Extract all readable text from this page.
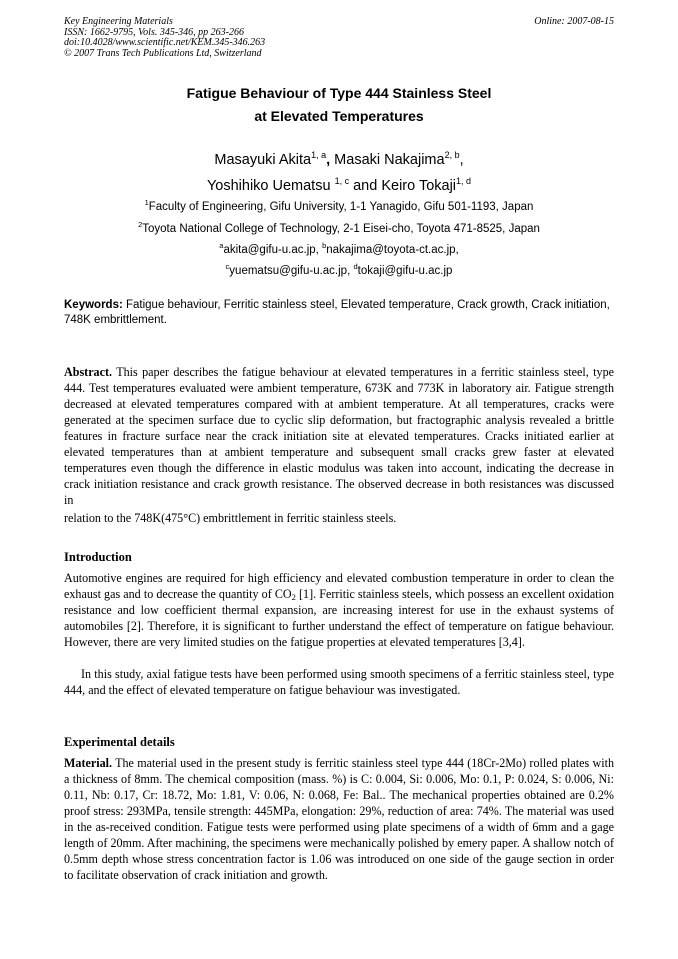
Key Engineering Materials
ISSN: 1662-9795, Vols. 345-346, pp 263-266
doi:10.4028/www.scientific.net/KEM.345-346.263
© 2007 Trans Tech Publications Ltd, Switzerland
Online: 2007-08-15
Fatigue Behaviour of Type 444 Stainless Steel
at Elevated Temperatures
Masayuki Akita$^{1, a}$, Masaki Nakajima$^{2, b}$,
Yoshihiko Uematsu $^{1, c}$ and Keiro Tokaji$^{1, d}$
$^1$Faculty of Engineering, Gifu University, 1-1 Yanagido, Gifu 501-1193, Japan
$^2$Toyota National College of Technology, 2-1 Eisei-cho, Toyota 471-8525, Japan
$^a$akita@gifu-u.ac.jp, $^b$nakajima@toyota-ct.ac.jp,
$^c$yuematsu@gifu-u.ac.jp, $^d$tokaji@gifu-u.ac.jp
Keywords: Fatigue behaviour, Ferritic stainless steel, Elevated temperature, Crack growth, Crack initiation, 748K embrittlement.
Abstract. This paper describes the fatigue behaviour at elevated temperatures in a ferritic stainless steel, type 444. Test temperatures evaluated were ambient temperature, 673K and 773K in laboratory air. Fatigue strength decreased at elevated temperatures compared with at ambient temperature. At all temperatures, cracks were generated at the specimen surface due to cyclic slip deformation, but fractographic analysis revealed a brittle features in fracture surface near the crack initiation site at elevated temperatures. Cracks initiated earlier at elevated temperatures than at ambient temperature and subsequent small cracks grew faster at elevated temperatures even though the difference in elastic modulus was taken into account, indicating the decrease in crack initiation resistance and crack growth resistance. The observed decrease in both resistances was discussed in
relation to the 748K(475°C) embrittlement in ferritic stainless steels.
Introduction
Automotive engines are required for high efficiency and elevated combustion temperature in order to clean the exhaust gas and to decrease the quantity of $CO_2$ [1]. Ferritic stainless steels, which possess an excellent oxidation resistance and low coefficient thermal expansion, are increasing interest for use in the exhaust systems of automobiles [2]. Therefore, it is significant to further understand the effect of temperature on fatigue behaviour. However, there are very limited studies on the fatigue properties at elevated temperatures [3,4].
In this study, axial fatigue tests have been performed using smooth specimens of a ferritic stainless steel, type 444, and the effect of elevated temperature on fatigue behaviour was investigated.
Experimental details
Material. The material used in the present study is ferritic stainless steel type 444 (18Cr-2Mo) rolled plates with a thickness of 8mm. The chemical composition (mass. %) is C: 0.004, Si: 0.006, Mo: 0.1, P: 0.024, S: 0.006, Ni: 0.11, Nb: 0.17, Cr: 18.72, Mo: 1.81, V: 0.06, N: 0.068, Fe: Bal.. The mechanical properties obtained are 0.2% proof stress: 293MPa, tensile strength: 445MPa, elongation: 29%, reduction of area: 74%. The material was used in the as-received condition. Fatigue tests were performed using plate specimens of a width of 6mm and a gage length of 20mm. After machining, the specimens were mechanically polished by emery paper. A shallow notch of 0.5mm depth whose stress concentration factor is 1.06 was introduced on one side of the gauge section in order to facilitate observation of crack initiation and growth.
